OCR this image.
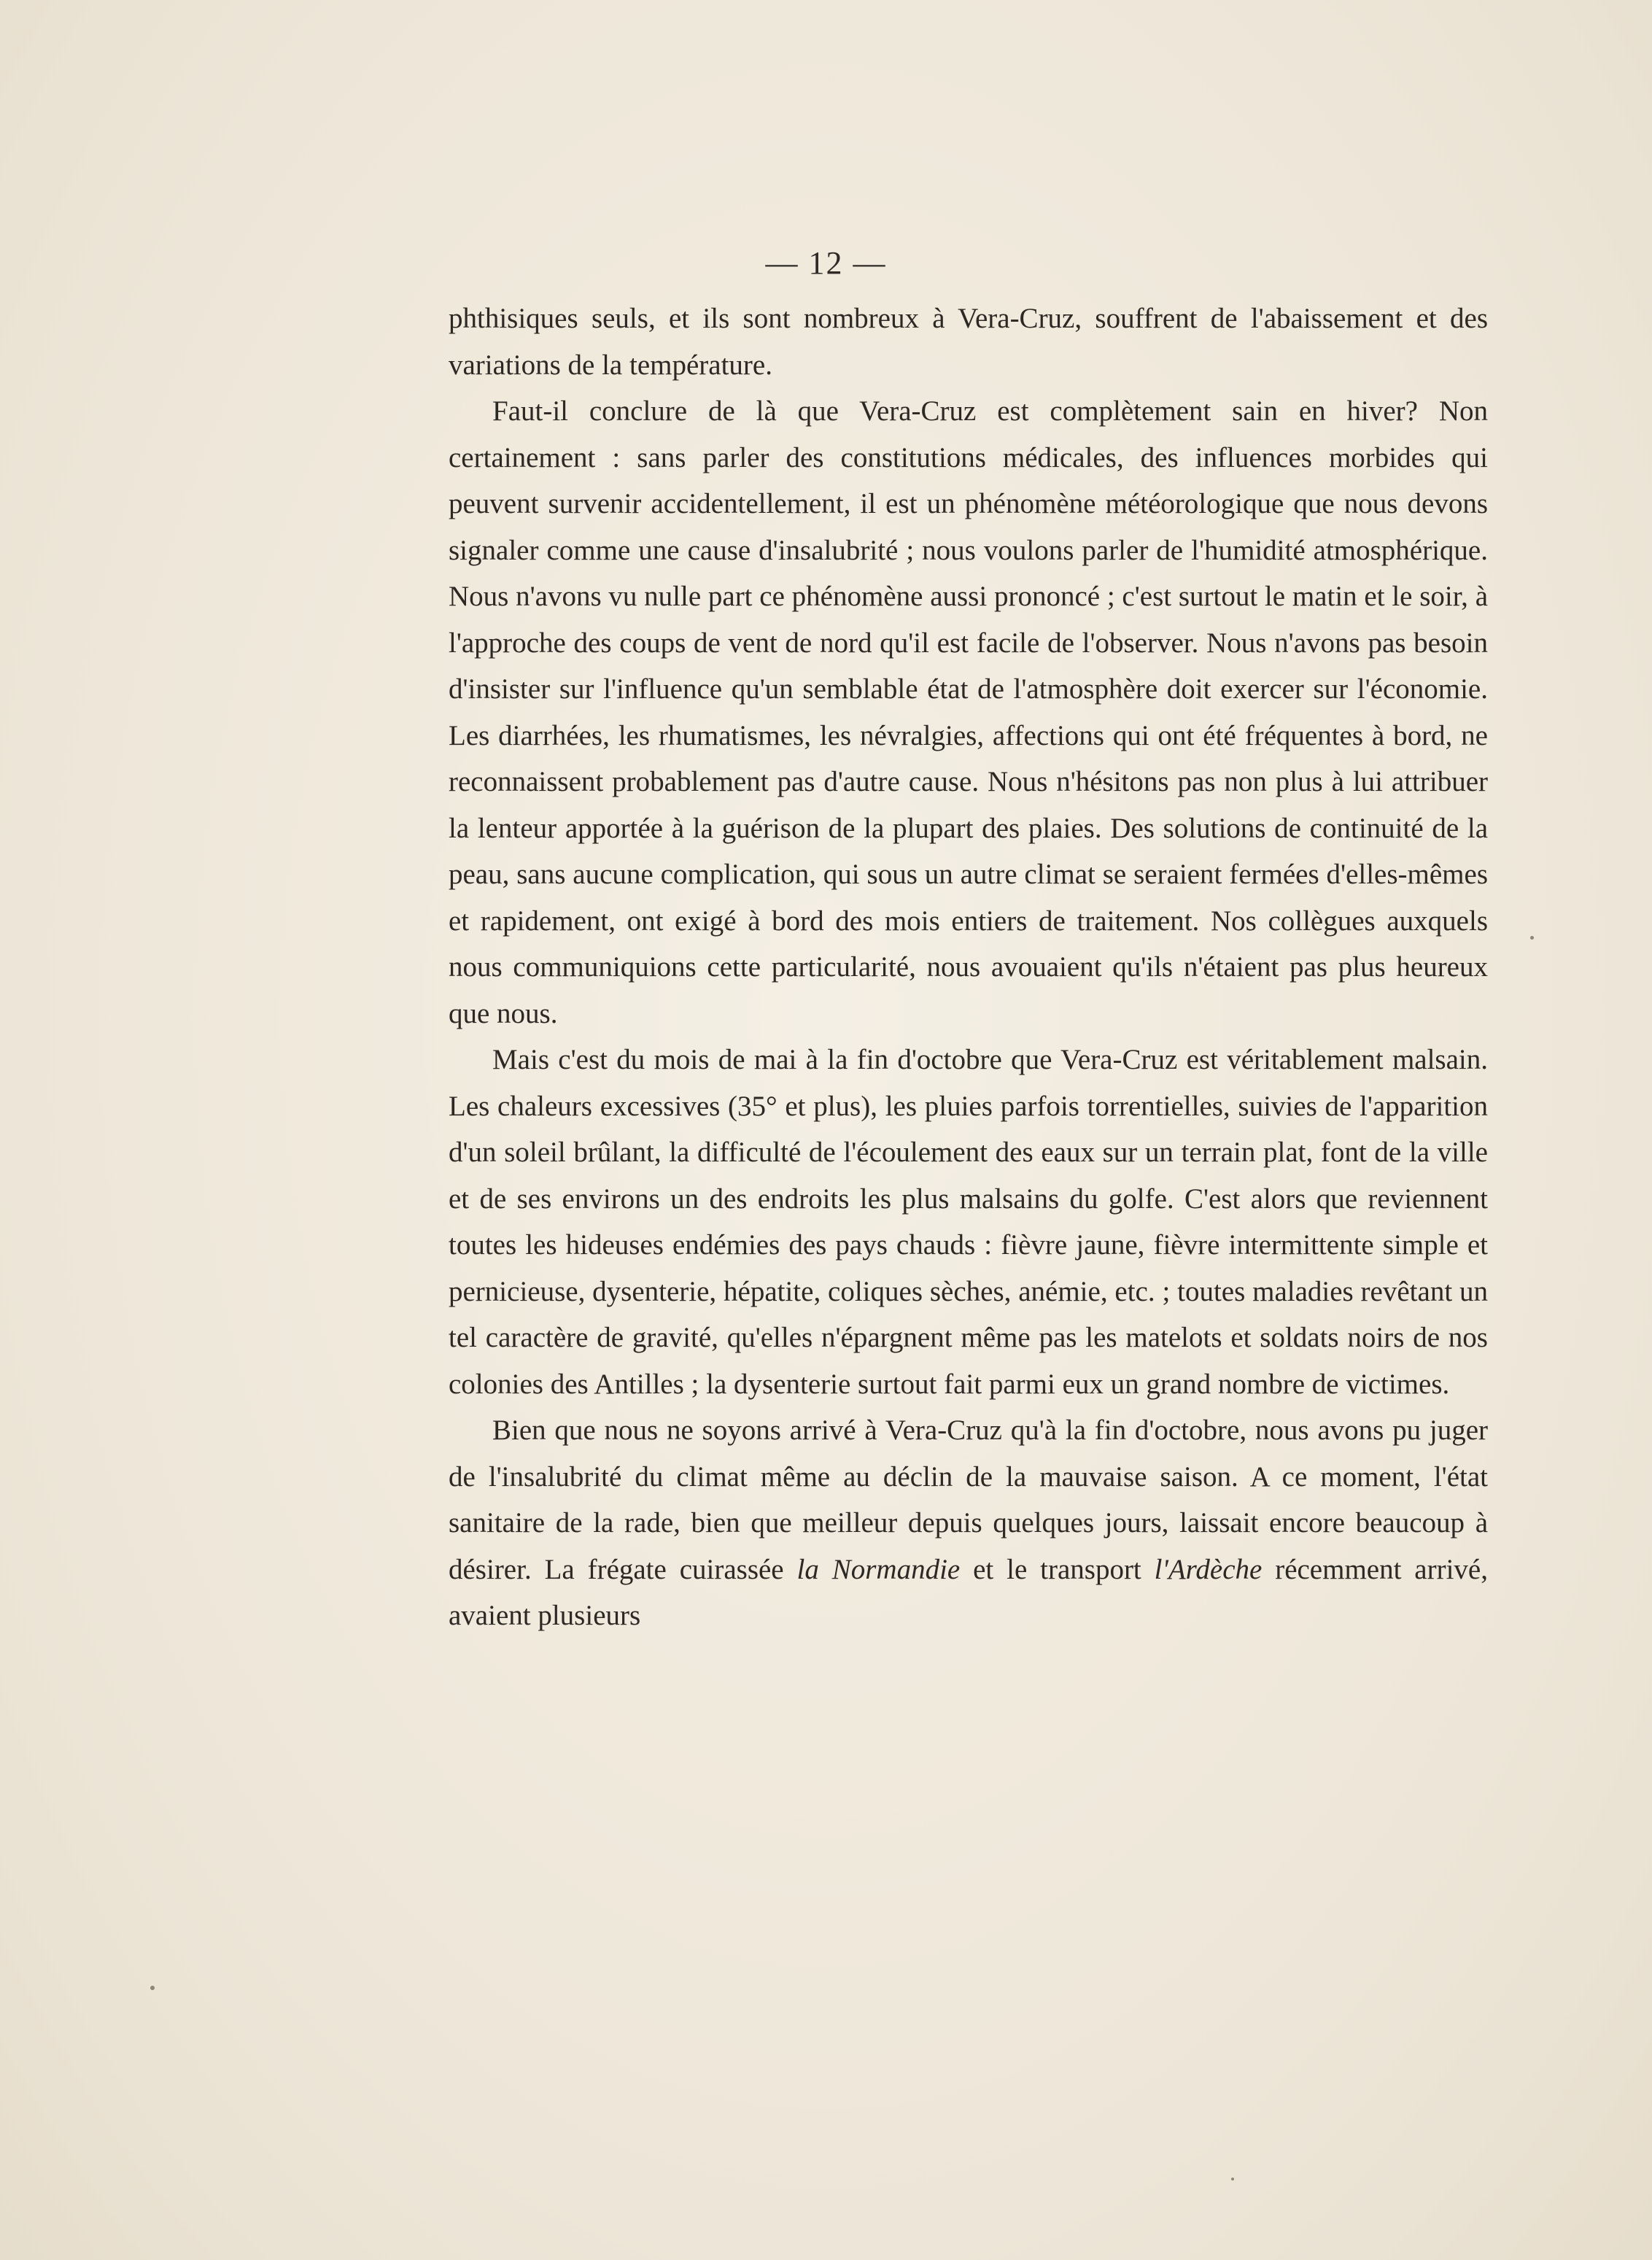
— 12 —

phthisiques seuls, et ils sont nombreux à Vera-Cruz, souffrent de l'abaissement et des variations de la température.

Faut-il conclure de là que Vera-Cruz est complètement sain en hiver? Non certainement : sans parler des constitutions médicales, des influences morbides qui peuvent survenir accidentellement, il est un phénomène météorologique que nous devons signaler comme une cause d'insalubrité ; nous voulons parler de l'humidité atmosphérique. Nous n'avons vu nulle part ce phénomène aussi prononcé ; c'est surtout le matin et le soir, à l'approche des coups de vent de nord qu'il est facile de l'observer. Nous n'avons pas besoin d'insister sur l'influence qu'un semblable état de l'atmosphère doit exercer sur l'économie. Les diarrhées, les rhumatismes, les névralgies, affections qui ont été fréquentes à bord, ne reconnaissent probablement pas d'autre cause. Nous n'hésitons pas non plus à lui attribuer la lenteur apportée à la guérison de la plupart des plaies. Des solutions de continuité de la peau, sans aucune complication, qui sous un autre climat se seraient fermées d'elles-mêmes et rapidement, ont exigé à bord des mois entiers de traitement. Nos collègues auxquels nous communiquions cette particularité, nous avouaient qu'ils n'étaient pas plus heureux que nous.

Mais c'est du mois de mai à la fin d'octobre que Vera-Cruz est véritablement malsain. Les chaleurs excessives (35° et plus), les pluies parfois torrentielles, suivies de l'apparition d'un soleil brûlant, la difficulté de l'écoulement des eaux sur un terrain plat, font de la ville et de ses environs un des endroits les plus malsains du golfe. C'est alors que reviennent toutes les hideuses endémies des pays chauds : fièvre jaune, fièvre intermittente simple et pernicieuse, dysenterie, hépatite, coliques sèches, anémie, etc. ; toutes maladies revêtant un tel caractère de gravité, qu'elles n'épargnent même pas les matelots et soldats noirs de nos colonies des Antilles ; la dysenterie surtout fait parmi eux un grand nombre de victimes.

Bien que nous ne soyons arrivé à Vera-Cruz qu'à la fin d'octobre, nous avons pu juger de l'insalubrité du climat même au déclin de la mauvaise saison. A ce moment, l'état sanitaire de la rade, bien que meilleur depuis quelques jours, laissait encore beaucoup à désirer. La frégate cuirassée la Normandie et le transport l'Ardèche récemment arrivé, avaient plusieurs
